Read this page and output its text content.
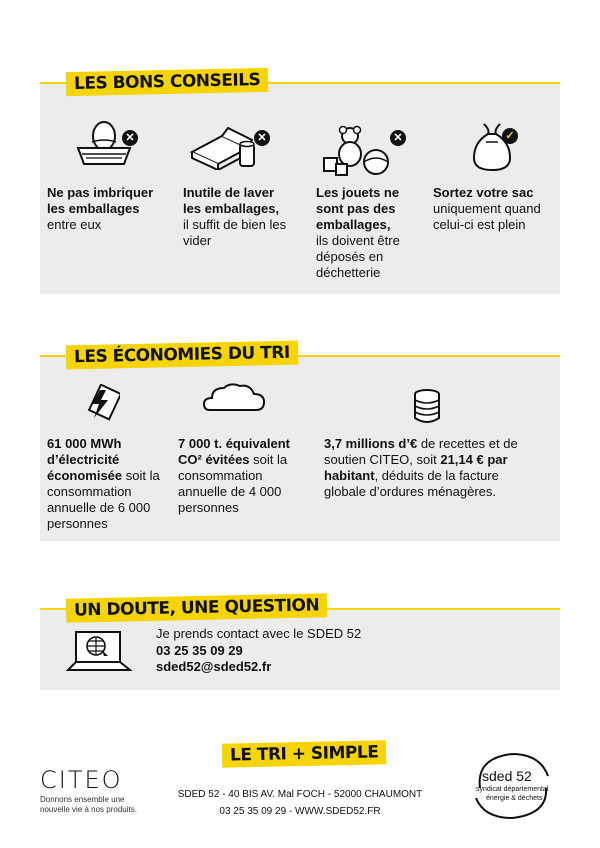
LES BONS CONSEILS
✕	✕	✕	✓
Ne pas imbriquer les emballages
entre eux
Inutile de laver les emballages,
il suffit de bien les vider
Les jouets ne sont pas des emballages,
ils doivent être déposés en déchetterie
Sortez votre sac
uniquement quand celui-ci est plein
LES ÉCONOMIES DU TRI
61 000 MWh d’électricité économisée soit la consommation annuelle de 6 000 personnes
7 000 t. équivalent CO² évitées soit la consommation annuelle de 4 000 personnes
3,7 millions d’€ de recettes et de soutien CITEO, soit 21,14 € par habitant, déduits de la facture globale d’ordures ménagères.
UN DOUTE, UNE QUESTION
Je prends contact avec le SDED 52
03 25 35 09 29
sded52@sded52.fr
LE TRI + SIMPLE
CITEO
Donnons ensemble une
nouvelle vie à nos produits.
SDED 52 - 40 BIS AV. Mal FOCH - 52000 CHAUMONT
03 25 35 09 29 - WWW.SDED52.FR
sded 52
syndicat départemental
énergie & déchets
